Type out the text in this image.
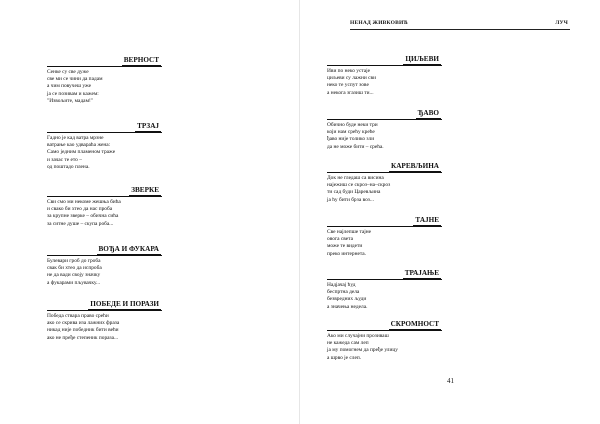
ВЕРНОСТ
Сенке су све дуже
све ми се чини да падам
а чим повучеш уже
ја се позивам и кажем:
"Извољите, мадам!"
ТРЗАЈ
Гадно је кад ватра мрзне
ватрање као удвараћа жена:
Само једним пламеном траже
и зачас те ето –
од поштадо плена.
ЗВЕРКЕ
Сви смо ми некоме жешња бића
и свако би хтео да нас проба
за крупне зверке – обична сића
за ситне душе – скупа роба...
ВОЂА И ФУКАРА
Булевари гроб до гроба
свак би хтео да испроба
не да вади своју значку
а фукарами пљувачку...
ПОБЕДЕ И ПОРАЗИ
Победа ствара право срећи
ако се скрива иза лажних фраза
никад није победник бити већи
ако не пређе степеник пораза...
НЕНАД ЖИВКОВИЋ	ЛУЧ
ЦИЉЕВИ
Иви по неко устаје
циљеви су лажни сви
неко те успут зове
а некога згазиш ти...
ЂАВО
Обично буде неки три
који нам срећу креће
ђаво није толико зли
да не може бити – срећа.
КАРЕВЉИНА
Док не гледаш са висина
најежиш се скроз–на–скроз
ти сад буди Царевљина
ја ћу бити брза воз...
ТАЈНЕ
Све најлепше тајне
овога света
може те видети
преко интернета.
ТРАЈАЊЕ
Надјачај ћуд
беспртна дела
безвредних људи
а значења недела.
СКРОМНОСТ
Ако ми случајни прозиваш
не кажеда сам леп
ја му помогнем да пређе улицу
а шрво је слеп.
41
